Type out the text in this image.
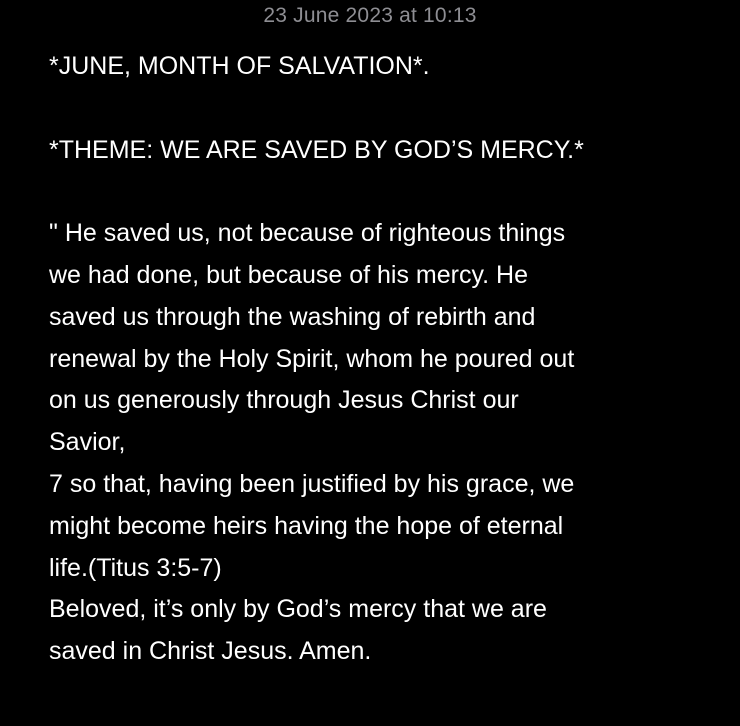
23 June 2023 at 10:13
*JUNE, MONTH OF SALVATION*.
*THEME: WE ARE SAVED BY GOD’S MERCY.*
" He saved us, not because of righteous things
we had done, but because of his mercy. He
saved us through the washing of rebirth and
renewal by the Holy Spirit, whom he poured out
on us generously through Jesus Christ our
Savior,
7 so that, having been justified by his grace, we
might become heirs having the hope of eternal
life.(Titus 3:5-7)
Beloved, it’s only by God’s mercy that we are
saved in Christ Jesus. Amen.
